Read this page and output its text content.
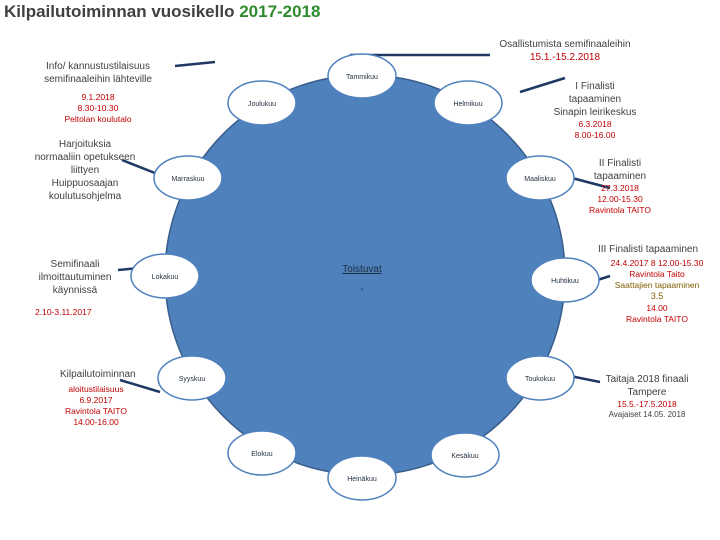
Kilpailutoiminnan vuosikello 2017-2018
Tammikuu
Helmikuu
Maaliskuu
Huhtikuu
Toukokuu
Kesäkuu
Heinäkuu
Elokuu
Syyskuu
Lokakuu
Marraskuu
Joulukuu
Toistuvat
-
Osallistumista semifinaaleihin
15.1.-15.2.2018
Info/ kannustustilaisuus
semifinaaleihin lähteville
9.1.2018
8.30-10.30
Peltolan koulutalo
I Finalisti
tapaaminen
Sinapin leirikeskus
6.3.2018
8.00-16.00
Harjoituksia
normaaliin opetukseen
liittyen
Huippuosaajan
koulutusohjelma
II Finalisti
tapaaminen
27.3.2018
12.00-15.30
Ravintola TAITO
III Finalisti tapaaminen
24.4.2017 8 12.00-15.30
Ravintola Taito
Saattajien tapaaminen
3.5
14.00
Ravintola TAITO
Semifinaali
ilmoittautuminen
käynnissä
2.10-3.11.2017
Kilpailutoiminnan
aloitustilaisuus
6.9.2017
Ravintola TAITO
14.00-16.00
Taitaja 2018 finaali
Tampere
15.5.-17.5.2018
Avajaiset 14.05. 2018
